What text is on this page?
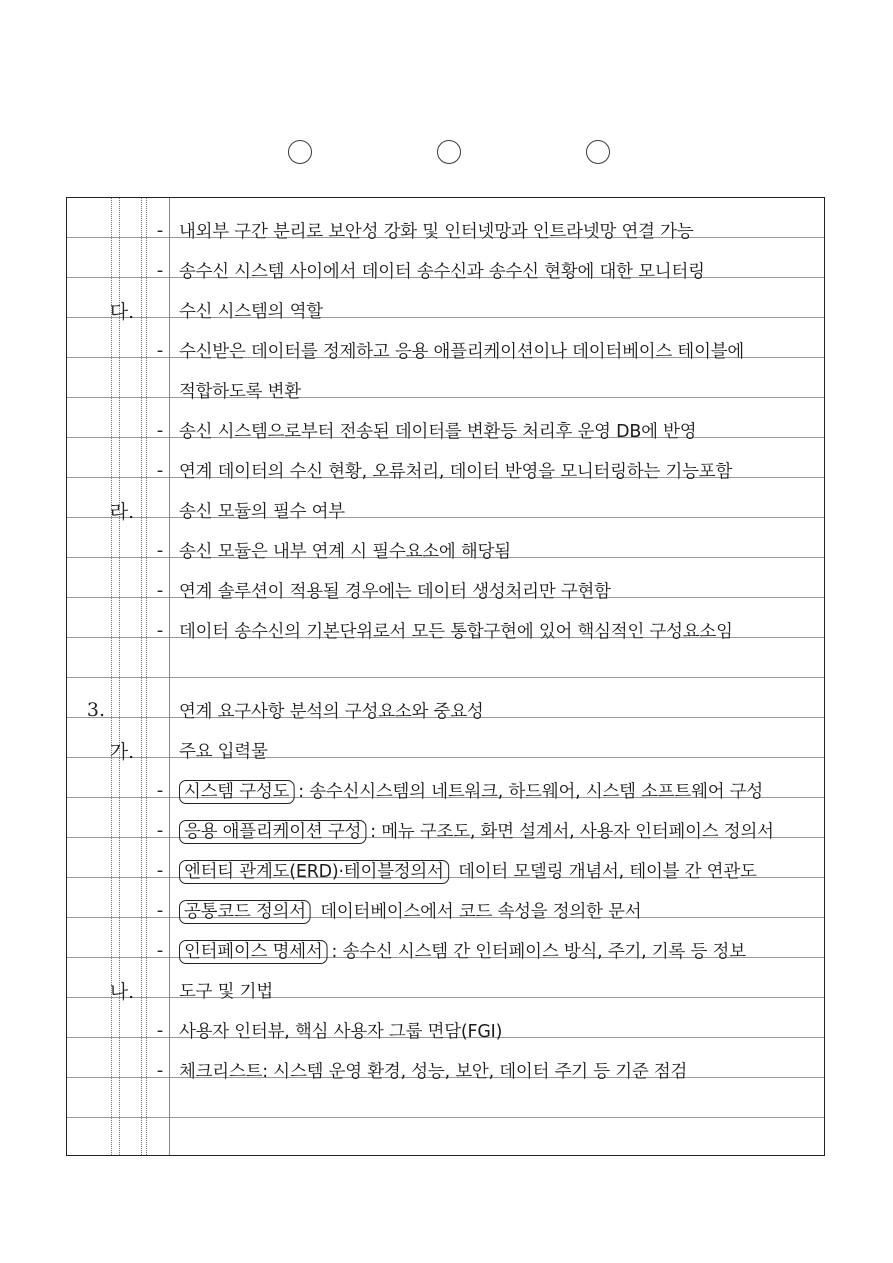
- 내외부 구간 분리로 보안성 강화 및 인터넷망과 인트라넷망 연결 가능
- 송수신 시스템 사이에서 데이터 송수신과 송수신 현황에 대한 모니터링
다.	수신 시스템의 역할
- 수신받은 데이터를 정제하고 응용 애플리케이션이나 데이터베이스 테이블에
적합하도록 변환
- 송신 시스템으로부터 전송된 데이터를 변환등 처리후 운영 DB에 반영
- 연계 데이터의 수신 현황, 오류처리, 데이터 반영을 모니터링하는 기능포함
라.	송신 모듈의 필수 여부
- 송신 모듈은 내부 연계 시 필수요소에 해당됨
- 연계 솔루션이 적용될 경우에는 데이터 생성처리만 구현함
- 데이터 송수신의 기본단위로서 모든 통합구현에 있어 핵심적인 구성요소임
3.	연계 요구사항 분석의 구성요소와 중요성
가.	주요 입력물
- 시스템 구성도 : 송수신시스템의 네트워크, 하드웨어, 시스템 소프트웨어 구성
- 응용 애플리케이션 구성 : 메뉴 구조도, 화면 설계서, 사용자 인터페이스 정의서
- 엔터티 관계도(ERD)·테이블정의서 데이터 모델링 개념서, 테이블 간 연관도
- 공통코드 정의서 데이터베이스에서 코드 속성을 정의한 문서
- 인터페이스 명세서 : 송수신 시스템 간 인터페이스 방식, 주기, 기록 등 정보
나.	도구 및 기법
- 사용자 인터뷰, 핵심 사용자 그룹 면담(FGI)
- 체크리스트: 시스템 운영 환경, 성능, 보안, 데이터 주기 등 기준 점검
